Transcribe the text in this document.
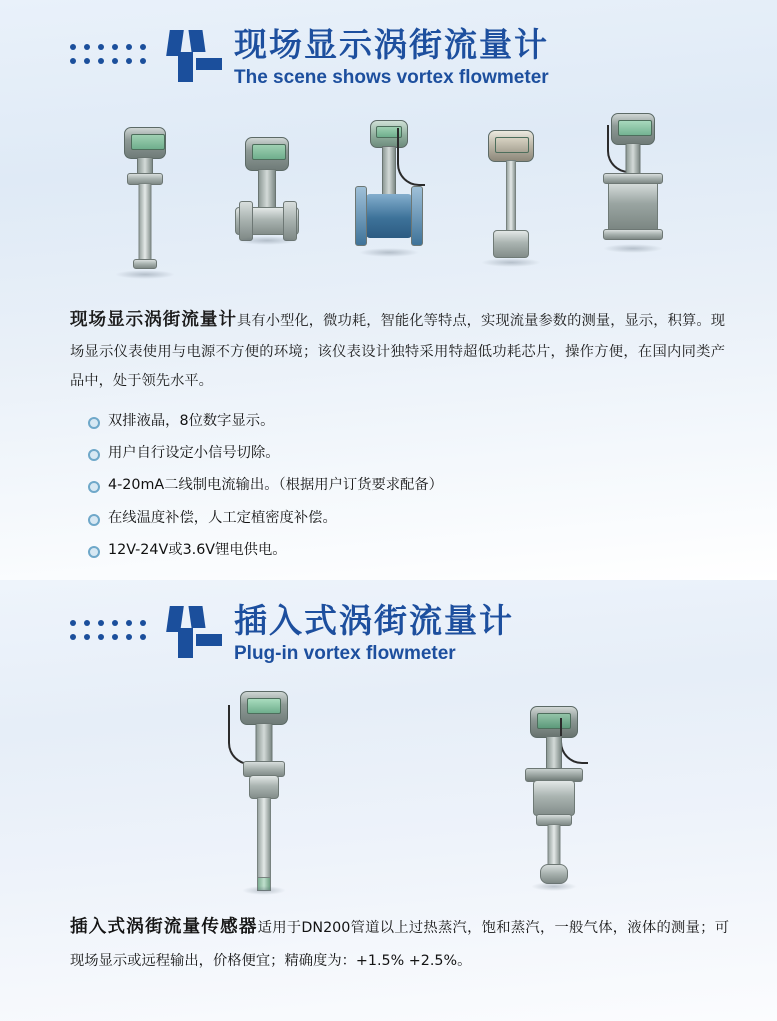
现场显示涡街流量计
The scene shows vortex flowmeter
现场显示涡街流量计具有小型化，微功耗，智能化等特点，实现流量参数的测量，显示，积算。现场显示仪表使用与电源不方便的环境；该仪表设计独特采用特超低功耗芯片，操作方便，在国内同类产品中，处于领先水平。
双排液晶，8位数字显示。
用户自行设定小信号切除。
4-20mA二线制电流输出。（根据用户订货要求配备）
在线温度补偿，人工定植密度补偿。
12V-24V或3.6V锂电供电。
插入式涡街流量计
Plug-in vortex flowmeter
插入式涡街流量传感器适用于DN200管道以上过热蒸汽，饱和蒸汽，一般气体，液体的测量；可现场显示或远程输出，价格便宜；精确度为：+1.5% +2.5%。
